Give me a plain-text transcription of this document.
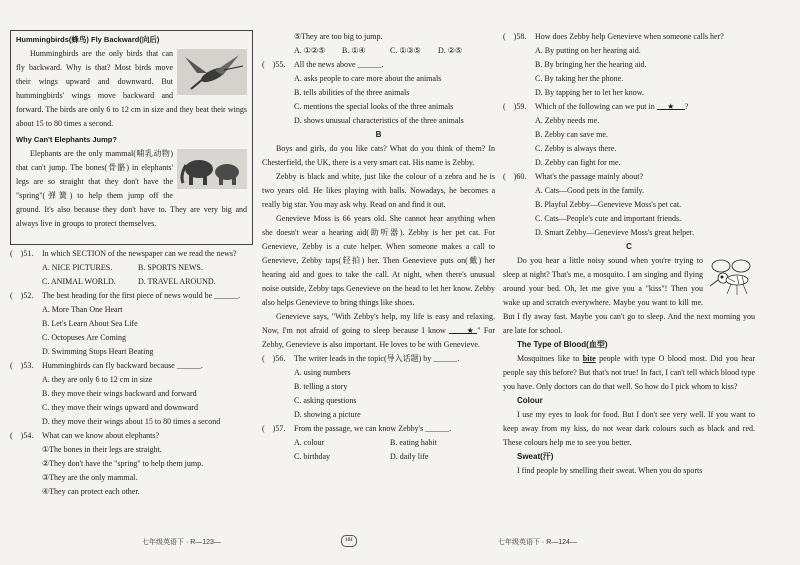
Hummingbirds(蜂鸟) Fly Backward(向后)

Hummingbirds are the only birds that can fly backward. Why is that? Most birds move their wings upward and downward. But hummingbirds' wings move backward and forward. The birds are only 6 to 12 cm in size and they beat their wings about 15 to 80 times a second.

Why Can't Elephants Jump?

Elephants are the only mammal(哺乳动物) that can't jump. The bones(骨骼) in elephants' legs are so straight that they don't have the "spring"(弹簧) to help them jump off the ground. It's also because they don't have to. They are very big and always live in groups to protect themselves.

(　)51. In which SECTION of the newspaper can we read the news?

A. NICE PICTURES.	B. SPORTS NEWS.

C. ANIMAL WORLD.	D. TRAVEL AROUND.

(　)52. The best heading for the first piece of news would be ______.

A. More Than One Heart

B. Let's Learn About Sea Life

C. Octopuses Are Coming

D. Swimming Stops Heart Beating

(　)53. Hummingbirds can fly backward because ______.

A. they are only 6 to 12 cm in size

B. they move their wings backward and forward

C. they move their wings upward and downward

D. they move their wings about 15 to 80 times a second

(　)54. What can we know about elephants?

①The bones in their legs are straight.

②They don't have the "spring" to help them jump.

③They are the only mammal.

④They can protect each other.

⑤They are too big to jump.

A. ①②⑤	B. ①④	C. ①③⑤	D. ②⑤

(　)55. All the news above ______.

A. asks people to care more about the animals

B. tells abilities of the three animals

C. mentions the special looks of the three animals

D. shows unusual characteristics of the three animals

B

Boys and girls, do you like cats? What do you think of them? In Chesterfield, the UK, there is a very smart cat. His name is Zebby.

Zebby is black and white, just like the colour of a zebra and he is two years old. He likes playing with balls. Nowadays, he becomes a really big star. You may ask why. Read on and find it out.

Genevieve Moss is 66 years old. She cannot hear anything when she doesn't wear a hearing aid(助听器). Zebby is her pet cat. For Genevieve, Zebby is a cute helper. When someone makes a call to Genevieve, Zebby taps(轻拍) her. Then Genevieve puts on(戴) her hearing aid and goes to take the call. At night, when there's unusual noise outside, Zebby taps Genevieve on the head to let her know. Zebby also helps Genevieve to bring things like shoes.

Genevieve says, "With Zebby's help, my life is easy and relaxing. Now, I'm not afraid of going to sleep because I know	★ " For Zebby, Genevieve is also important. He loves to be with Genevieve.

(　)56. The writer leads in the topic(导入话题) by ______.

A. using numbers

B. telling a story

C. asking questions

D. showing a picture

(　)57. From the passage, we can know Zebby's ______.

A. colour	B. eating habit

C. birthday	D. daily life

(　)58. How does Zebby help Genevieve when someone calls her?

A. By putting on her hearing aid.

B. By bringing her the hearing aid.

C. By taking her the phone.

D. By tapping her to let her know.

(　)59. Which of the following can we put in ★ ?

A. Zebby needs me.

B. Zebby can save me.

C. Zebby is always there.

D. Zebby can fight for me.

(　)60. What's the passage mainly about?

A. Cats—Good pets in the family.

B. Playful Zebby—Genevieve Moss's pet cat.

C. Cats—People's cute and important friends.

D. Smart Zebby—Genevieve Moss's great helper.

C

Do you hear a little noisy sound when you're trying to sleep at night? That's me, a mosquito. I am singing and flying around your bed. Oh, let me give you a "kiss"! Then you wake up and scratch everywhere. Maybe you want to kill me. But I fly away fast. Maybe you can't go to sleep. And the next morning you are late for school.

The Type of Blood(血型)

Mosquitoes like to bite people with type O blood most. Did you hear people say this before? But that's not true! In fact, I can't tell which blood type you have. Only doctors can do that well. So how do I pick whom to kiss?

Colour

I use my eyes to look for food. But I don't see very well. If you want to keep away from my kiss, do not wear dark colours such as black and red. These colours help me to see you better.

Sweat(汗)

I find people by smelling their sweat. When you do sports

七年级英语下 · R—123—	HH	七年级英语下 · R—124—
